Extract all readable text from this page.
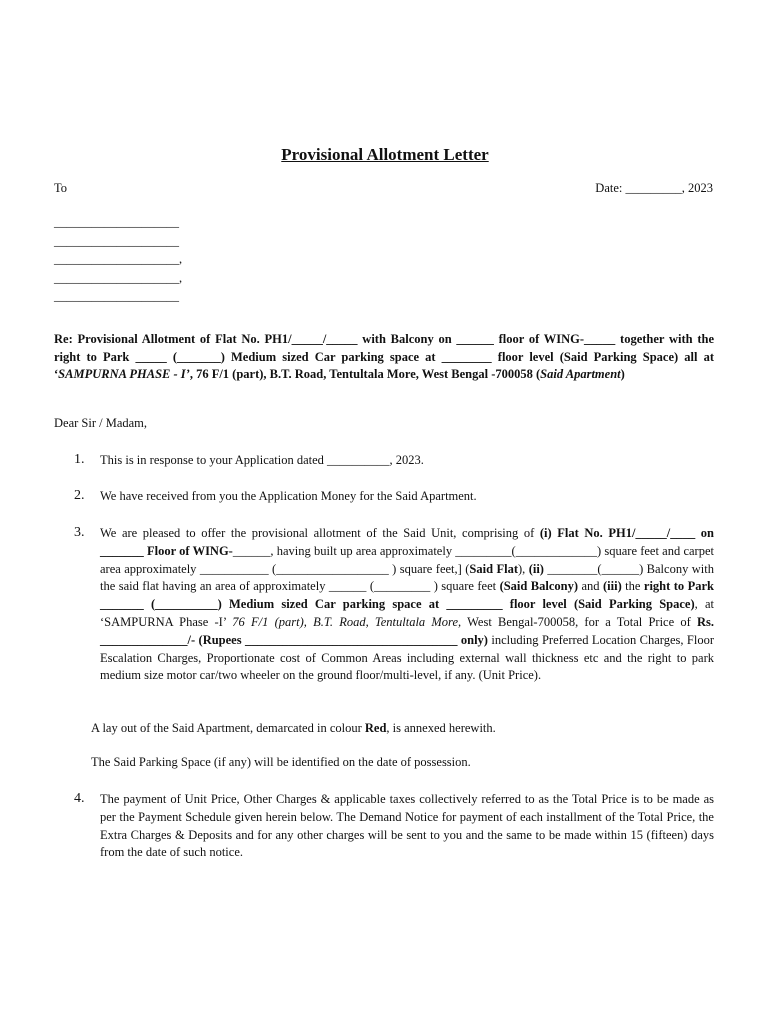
Provisional Allotment Letter
To	Date: _________, 2023
____________________
____________________
____________________,
____________________,
____________________
Re: Provisional Allotment of Flat No. PH1/_____/_____ with Balcony on ______ floor of WING-_____ together with the right to Park _____ (_______) Medium sized Car parking space at ________ floor level (Said Parking Space) all at ‘SAMPURNA PHASE - I’, 76 F/1 (part), B.T. Road, Tentultala More, West Bengal -700058 (Said Apartment)
Dear Sir / Madam,
1. This is in response to your Application dated __________, 2023.
2. We have received from you the Application Money for the Said Apartment.
3. We are pleased to offer the provisional allotment of the Said Unit, comprising of (i) Flat No. PH1/_____/____ on _______ Floor of WING-______, having built up area approximately _________(_____________) square feet and carpet area approximately ___________ (__________________ ) square feet,] (Said Flat), (ii) ________(______) Balcony with the said flat having an area of approximately ______ (_________ ) square feet (Said Balcony) and (iii) the right to Park _______ (__________) Medium sized Car parking space at _________ floor level (Said Parking Space), at ‘SAMPURNA Phase -I’ 76 F/1 (part), B.T. Road, Tentultala More, West Bengal-700058, for a Total Price of Rs. ______________/- (Rupees __________________________________ only) including Preferred Location Charges, Floor Escalation Charges, Proportionate cost of Common Areas including external wall thickness etc and the right to park medium size motor car/two wheeler on the ground floor/multi-level, if any. (Unit Price).
A lay out of the Said Apartment, demarcated in colour Red, is annexed herewith.
The Said Parking Space (if any) will be identified on the date of possession.
4. The payment of Unit Price, Other Charges & applicable taxes collectively referred to as the Total Price is to be made as per the Payment Schedule given herein below. The Demand Notice for payment of each installment of the Total Price, the Extra Charges & Deposits and for any other charges will be sent to you and the same to be made within 15 (fifteen) days from the date of such notice.
